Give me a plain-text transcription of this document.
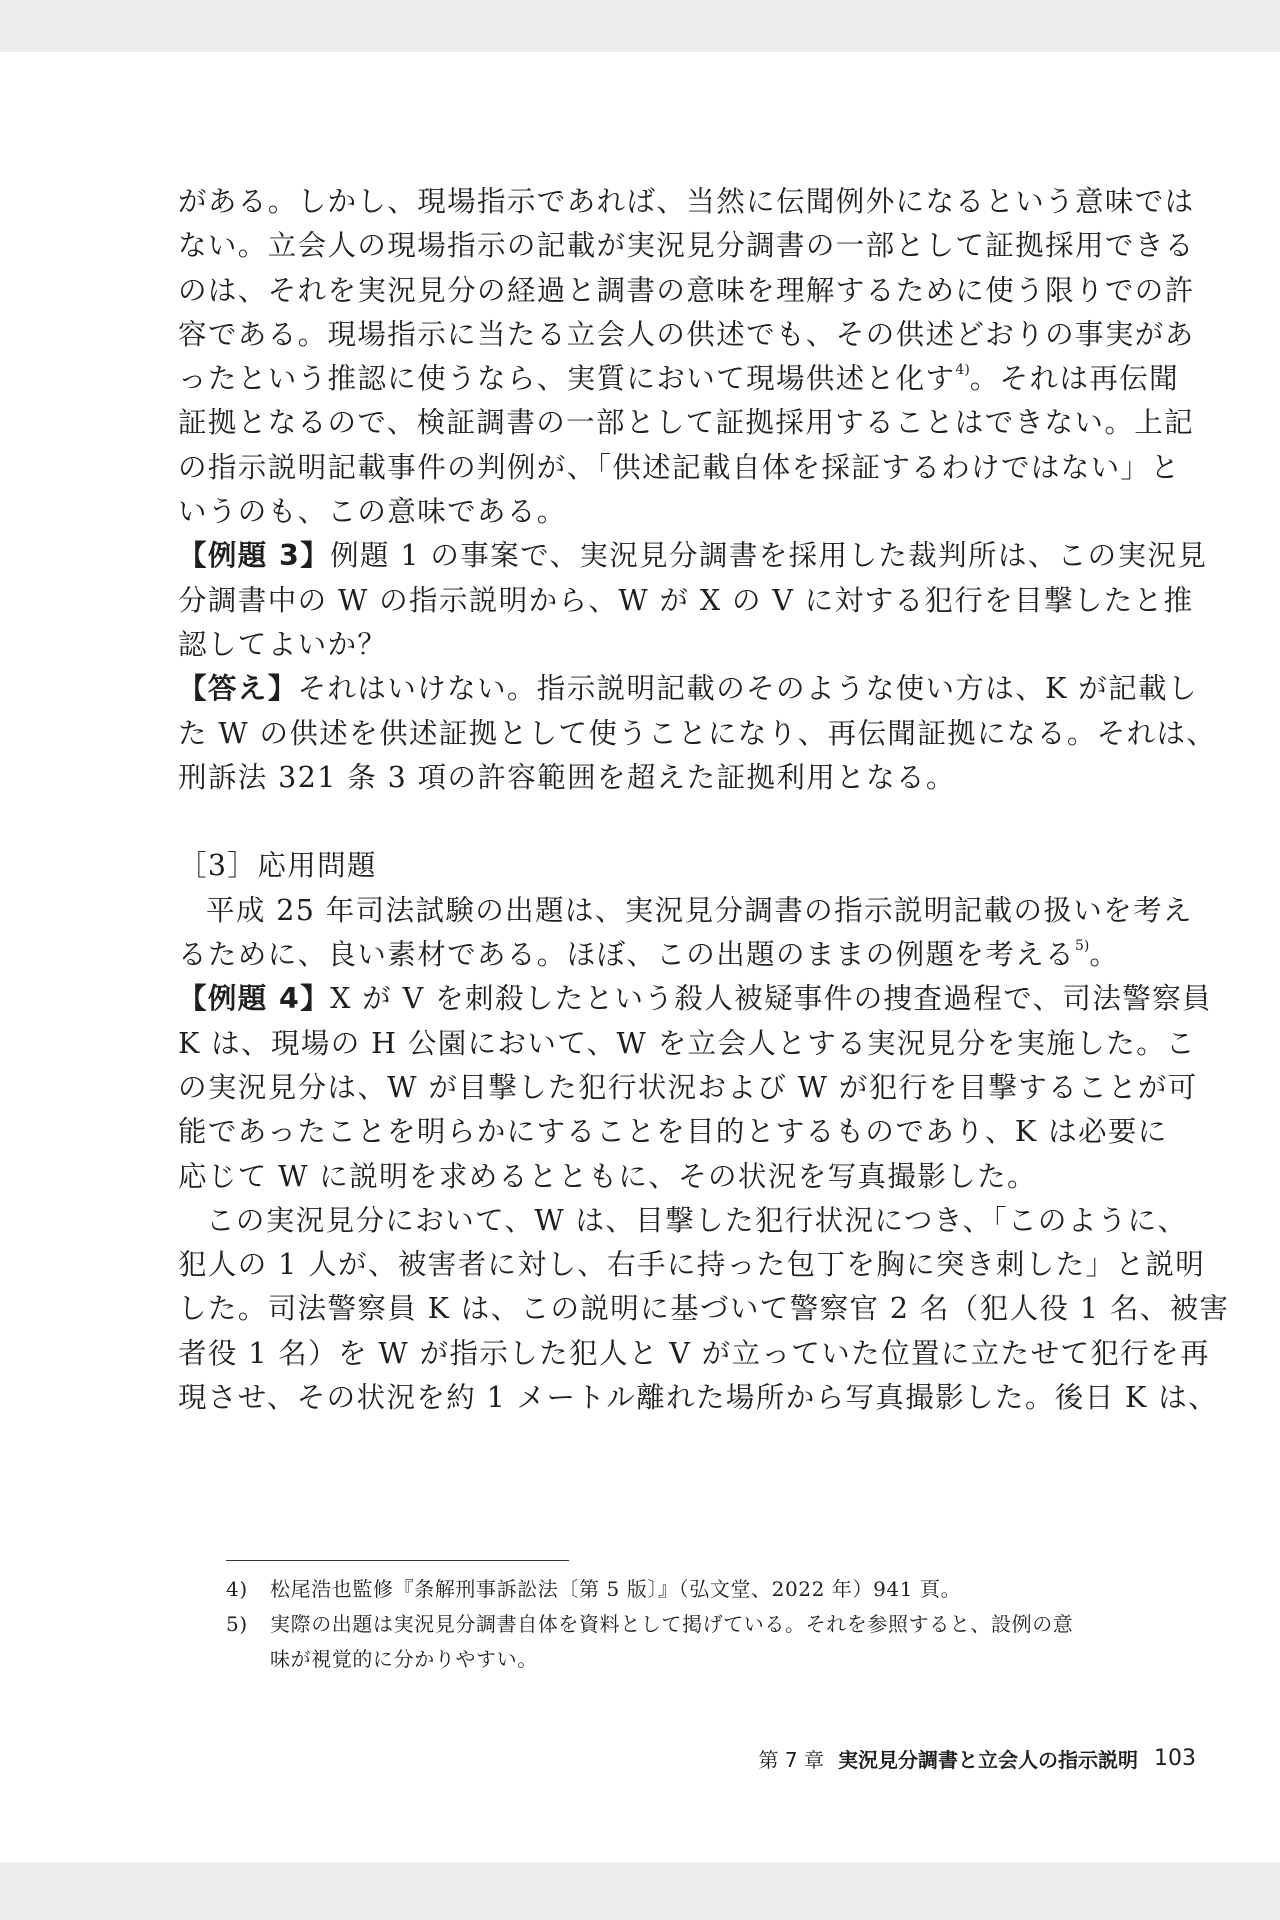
がある。しかし、現場指示であれば、当然に伝聞例外になるという意味では
ない。立会人の現場指示の記載が実況見分調書の一部として証拠採用できる
のは、それを実況見分の経過と調書の意味を理解するために使う限りでの許
容である。現場指示に当たる立会人の供述でも、その供述どおりの事実があ
ったという推認に使うなら、実質において現場供述と化す$^{4)}$。それは再伝聞
証拠となるので、検証調書の一部として証拠採用することはできない。上記
の指示説明記載事件の判例が、「供述記載自体を採証するわけではない」と
いうのも、この意味である。
【例題 3】例題 1 の事案で、実況見分調書を採用した裁判所は、この実況見
分調書中の W の指示説明から、W が X の V に対する犯行を目撃したと推
認してよいか？
【答え】それはいけない。指示説明記載のそのような使い方は、K が記載し
た W の供述を供述証拠として使うことになり、再伝聞証拠になる。それは、
刑訴法 321 条 3 項の許容範囲を超えた証拠利用となる。
［3］応用問題
平成 25 年司法試験の出題は、実況見分調書の指示説明記載の扱いを考え
るために、良い素材である。ほぼ、この出題のままの例題を考える$^{5)}$。
【例題 4】X が V を刺殺したという殺人被疑事件の捜査過程で、司法警察員
K は、現場の H 公園において、W を立会人とする実況見分を実施した。こ
の実況見分は、W が目撃した犯行状況および W が犯行を目撃することが可
能であったことを明らかにすることを目的とするものであり、K は必要に
応じて W に説明を求めるとともに、その状況を写真撮影した。
この実況見分において、W は、目撃した犯行状況につき、「このように、
犯人の 1 人が、被害者に対し、右手に持った包丁を胸に突き刺した」と説明
した。司法警察員 K は、この説明に基づいて警察官 2 名（犯人役 1 名、被害
者役 1 名）を W が指示した犯人と V が立っていた位置に立たせて犯行を再
現させ、その状況を約 1 メートル離れた場所から写真撮影した。後日 K は、
4)	松尾浩也監修『条解刑事訴訟法〔第 5 版〕』（弘文堂、2022 年）941 頁。
5)	実際の出題は実況見分調書自体を資料として掲げている。それを参照すると、設例の意
味が視覚的に分かりやすい。
第 7 章 実況見分調書と立会人の指示説明 103
